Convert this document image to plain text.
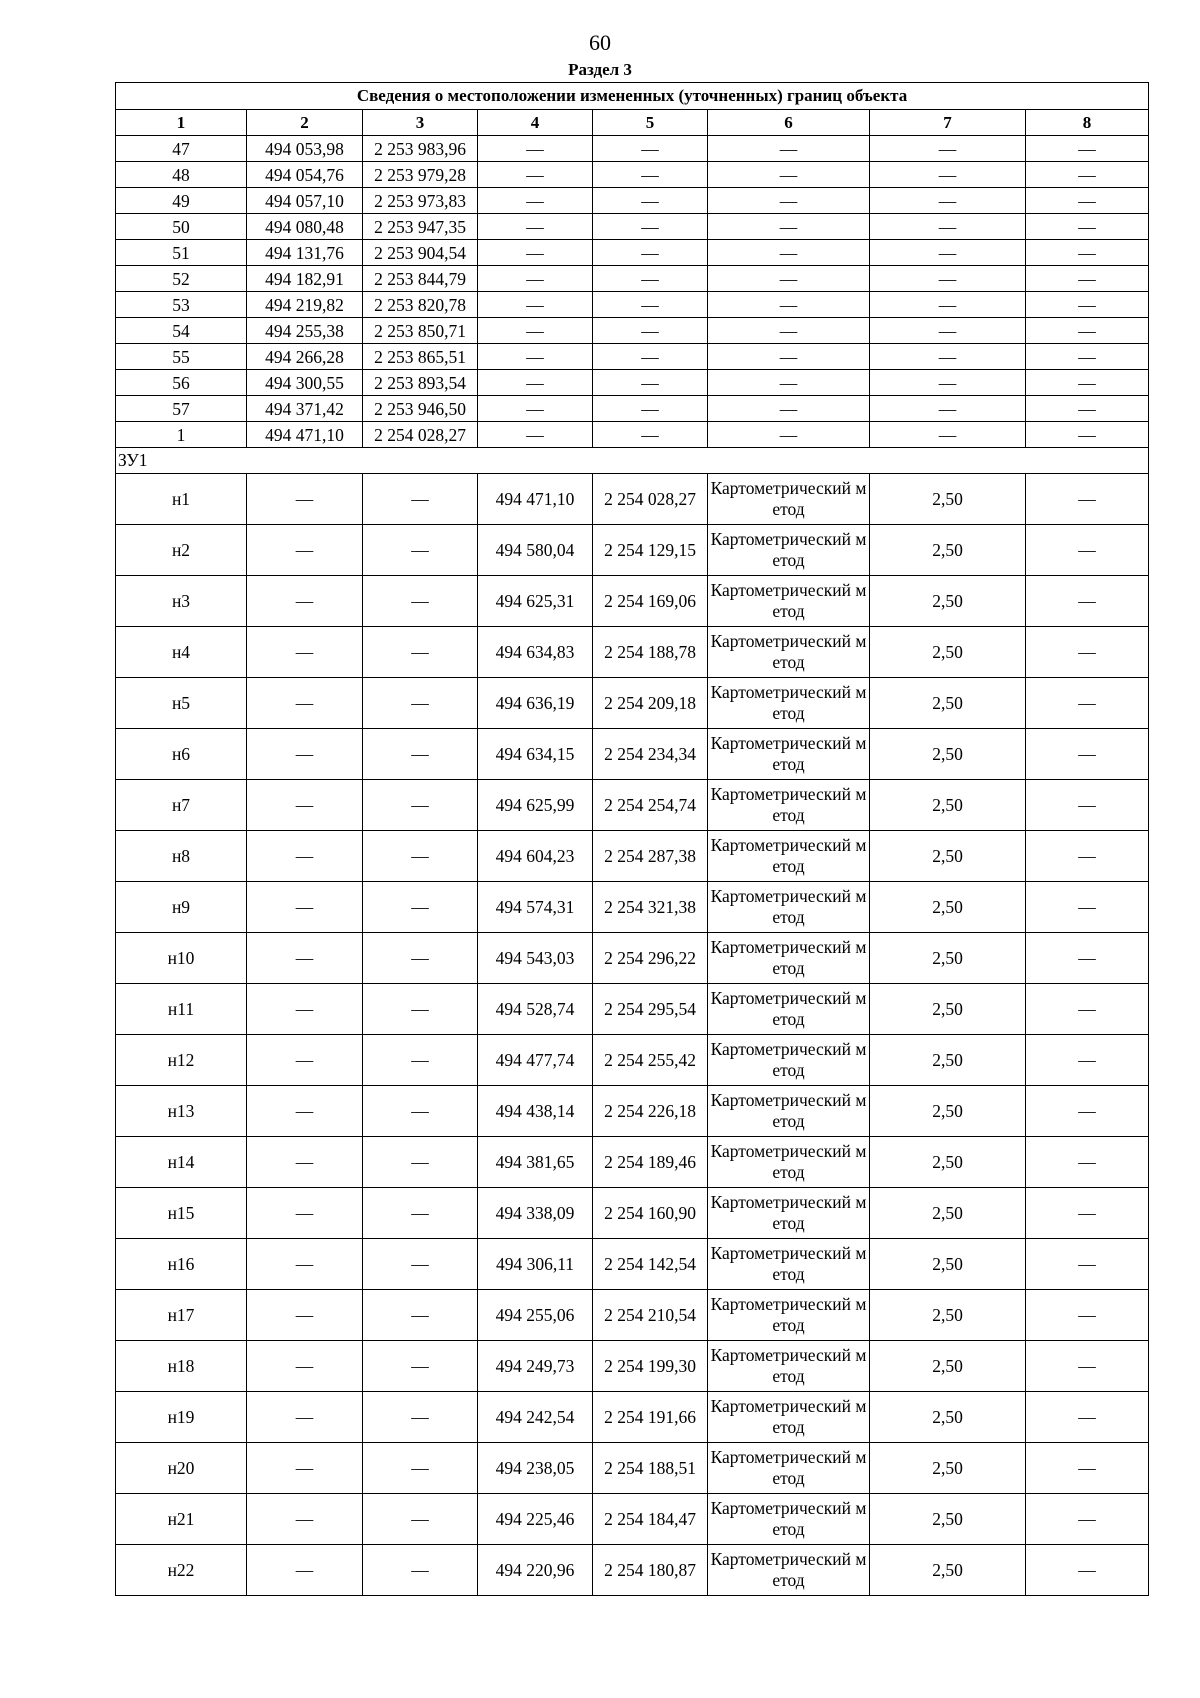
60
Раздел 3
Сведения о местоположении измененных (уточненных) границ объекта							
1	2	3	4	5	6	7	8
47	494 053,98	2 253 983,96	—	—	—	—	—
48	494 054,76	2 253 979,28	—	—	—	—	—
49	494 057,10	2 253 973,83	—	—	—	—	—
50	494 080,48	2 253 947,35	—	—	—	—	—
51	494 131,76	2 253 904,54	—	—	—	—	—
52	494 182,91	2 253 844,79	—	—	—	—	—
53	494 219,82	2 253 820,78	—	—	—	—	—
54	494 255,38	2 253 850,71	—	—	—	—	—
55	494 266,28	2 253 865,51	—	—	—	—	—
56	494 300,55	2 253 893,54	—	—	—	—	—
57	494 371,42	2 253 946,50	—	—	—	—	—
1	494 471,10	2 254 028,27	—	—	—	—	—
ЗУ1							
н1	—	—	494 471,10	2 254 028,27	Картометрический метод	2,50	—
н2	—	—	494 580,04	2 254 129,15	Картометрический метод	2,50	—
н3	—	—	494 625,31	2 254 169,06	Картометрический метод	2,50	—
н4	—	—	494 634,83	2 254 188,78	Картометрический метод	2,50	—
н5	—	—	494 636,19	2 254 209,18	Картометрический метод	2,50	—
н6	—	—	494 634,15	2 254 234,34	Картометрический метод	2,50	—
н7	—	—	494 625,99	2 254 254,74	Картометрический метод	2,50	—
н8	—	—	494 604,23	2 254 287,38	Картометрический метод	2,50	—
н9	—	—	494 574,31	2 254 321,38	Картометрический метод	2,50	—
н10	—	—	494 543,03	2 254 296,22	Картометрический метод	2,50	—
н11	—	—	494 528,74	2 254 295,54	Картометрический метод	2,50	—
н12	—	—	494 477,74	2 254 255,42	Картометрический метод	2,50	—
н13	—	—	494 438,14	2 254 226,18	Картометрический метод	2,50	—
н14	—	—	494 381,65	2 254 189,46	Картометрический метод	2,50	—
н15	—	—	494 338,09	2 254 160,90	Картометрический метод	2,50	—
н16	—	—	494 306,11	2 254 142,54	Картометрический метод	2,50	—
н17	—	—	494 255,06	2 254 210,54	Картометрический метод	2,50	—
н18	—	—	494 249,73	2 254 199,30	Картометрический метод	2,50	—
н19	—	—	494 242,54	2 254 191,66	Картометрический метод	2,50	—
н20	—	—	494 238,05	2 254 188,51	Картометрический метод	2,50	—
н21	—	—	494 225,46	2 254 184,47	Картометрический метод	2,50	—
н22	—	—	494 220,96	2 254 180,87	Картометрический метод	2,50	—
